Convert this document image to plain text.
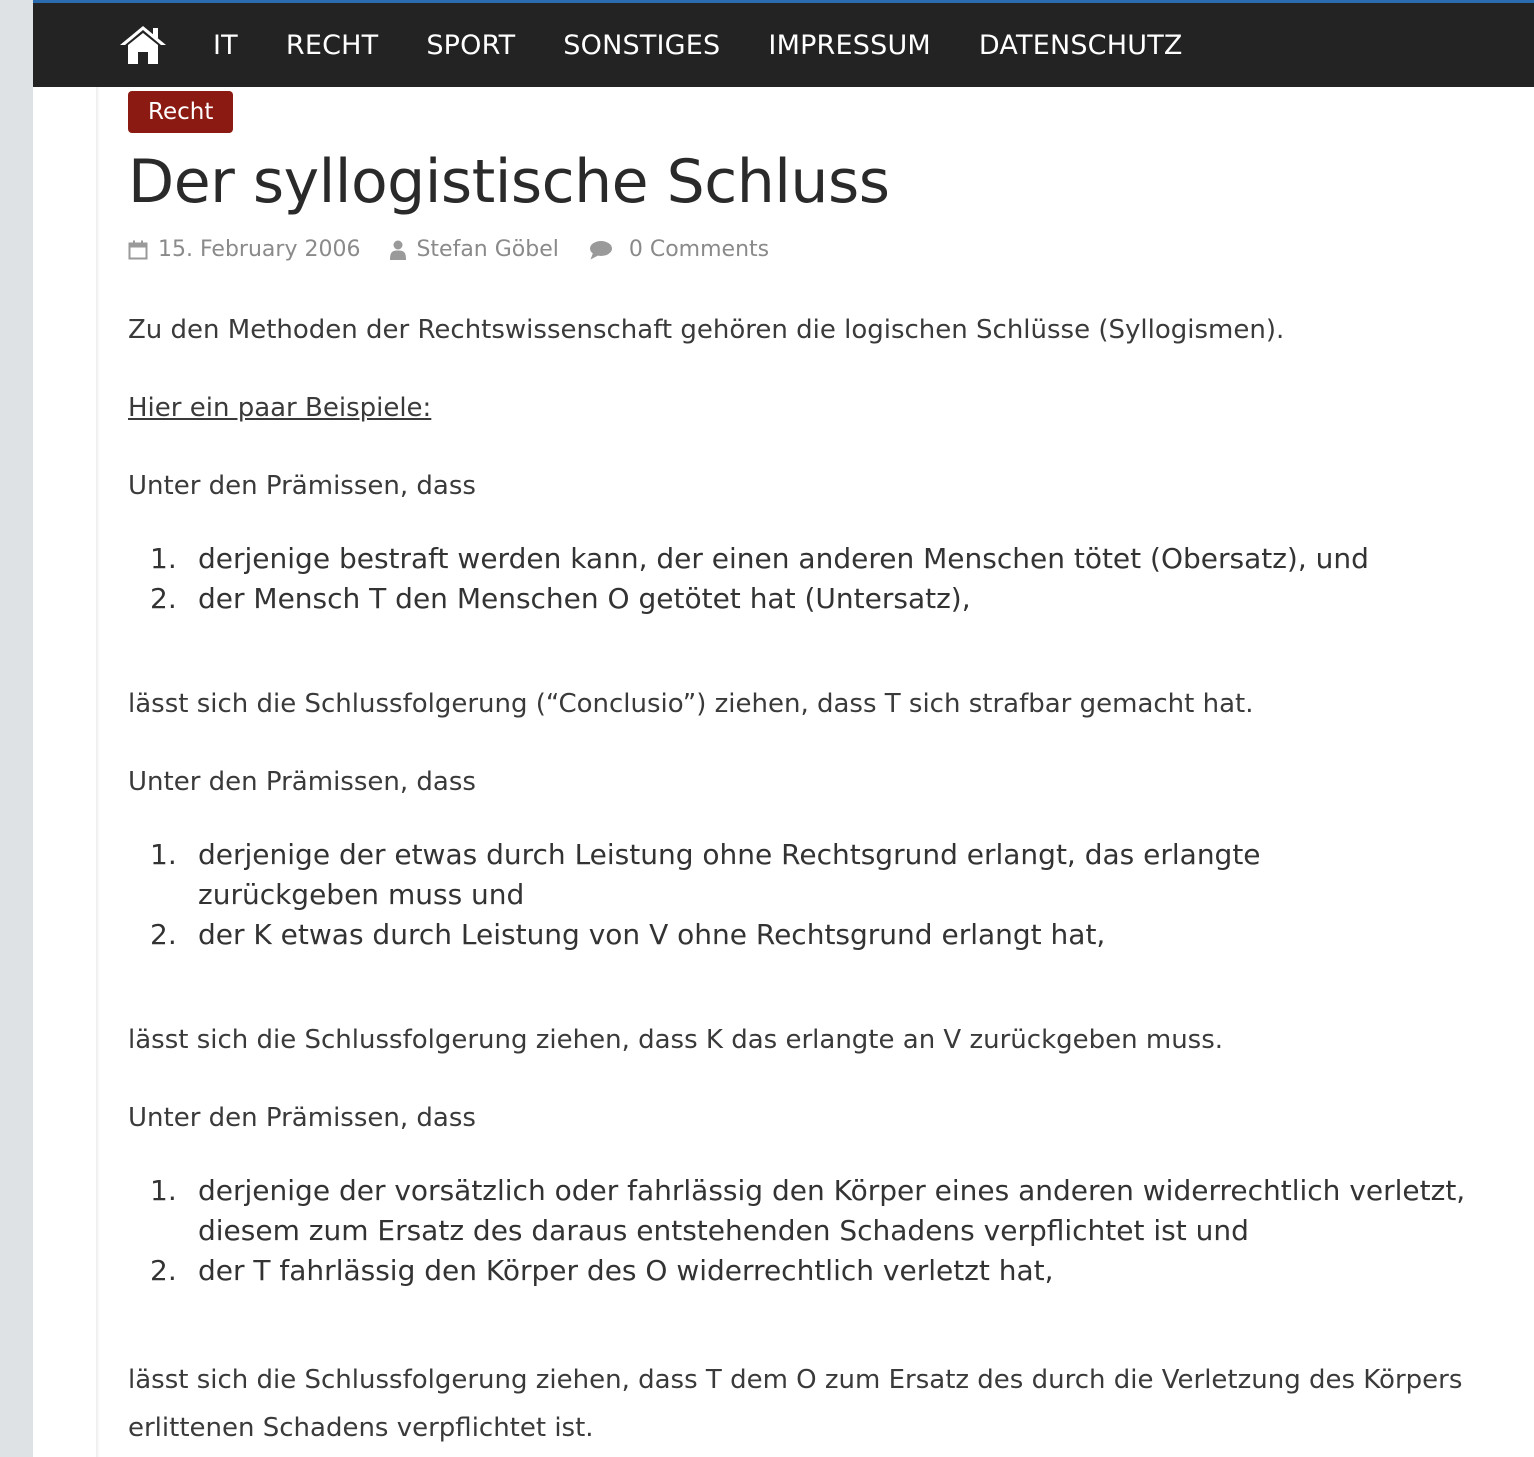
IT RECHT SPORT SONSTIGES IMPRESSUM DATENSCHUTZ
Recht
Der syllogistische Schluss
15. February 2006	Stefan Göbel	0 Comments

Zu den Methoden der Rechtswissenschaft gehören die logischen Schlüsse (Syllogismen).

Hier ein paar Beispiele:

Unter den Prämissen, dass

1. derjenige bestraft werden kann, der einen anderen Menschen tötet (Obersatz), und
2. der Mensch T den Menschen O getötet hat (Untersatz),

lässt sich die Schlussfolgerung (“Conclusio”) ziehen, dass T sich strafbar gemacht hat.

Unter den Prämissen, dass

1. derjenige der etwas durch Leistung ohne Rechtsgrund erlangt, das erlangte zurückgeben muss und
2. der K etwas durch Leistung von V ohne Rechtsgrund erlangt hat,

lässt sich die Schlussfolgerung ziehen, dass K das erlangte an V zurückgeben muss.

Unter den Prämissen, dass

1. derjenige der vorsätzlich oder fahrlässig den Körper eines anderen widerrechtlich verletzt, diesem zum Ersatz des daraus entstehenden Schadens verpflichtet ist und
2. der T fahrlässig den Körper des O widerrechtlich verletzt hat,

lässt sich die Schlussfolgerung ziehen, dass T dem O zum Ersatz des durch die Verletzung des Körpers erlittenen Schadens verpflichtet ist.
